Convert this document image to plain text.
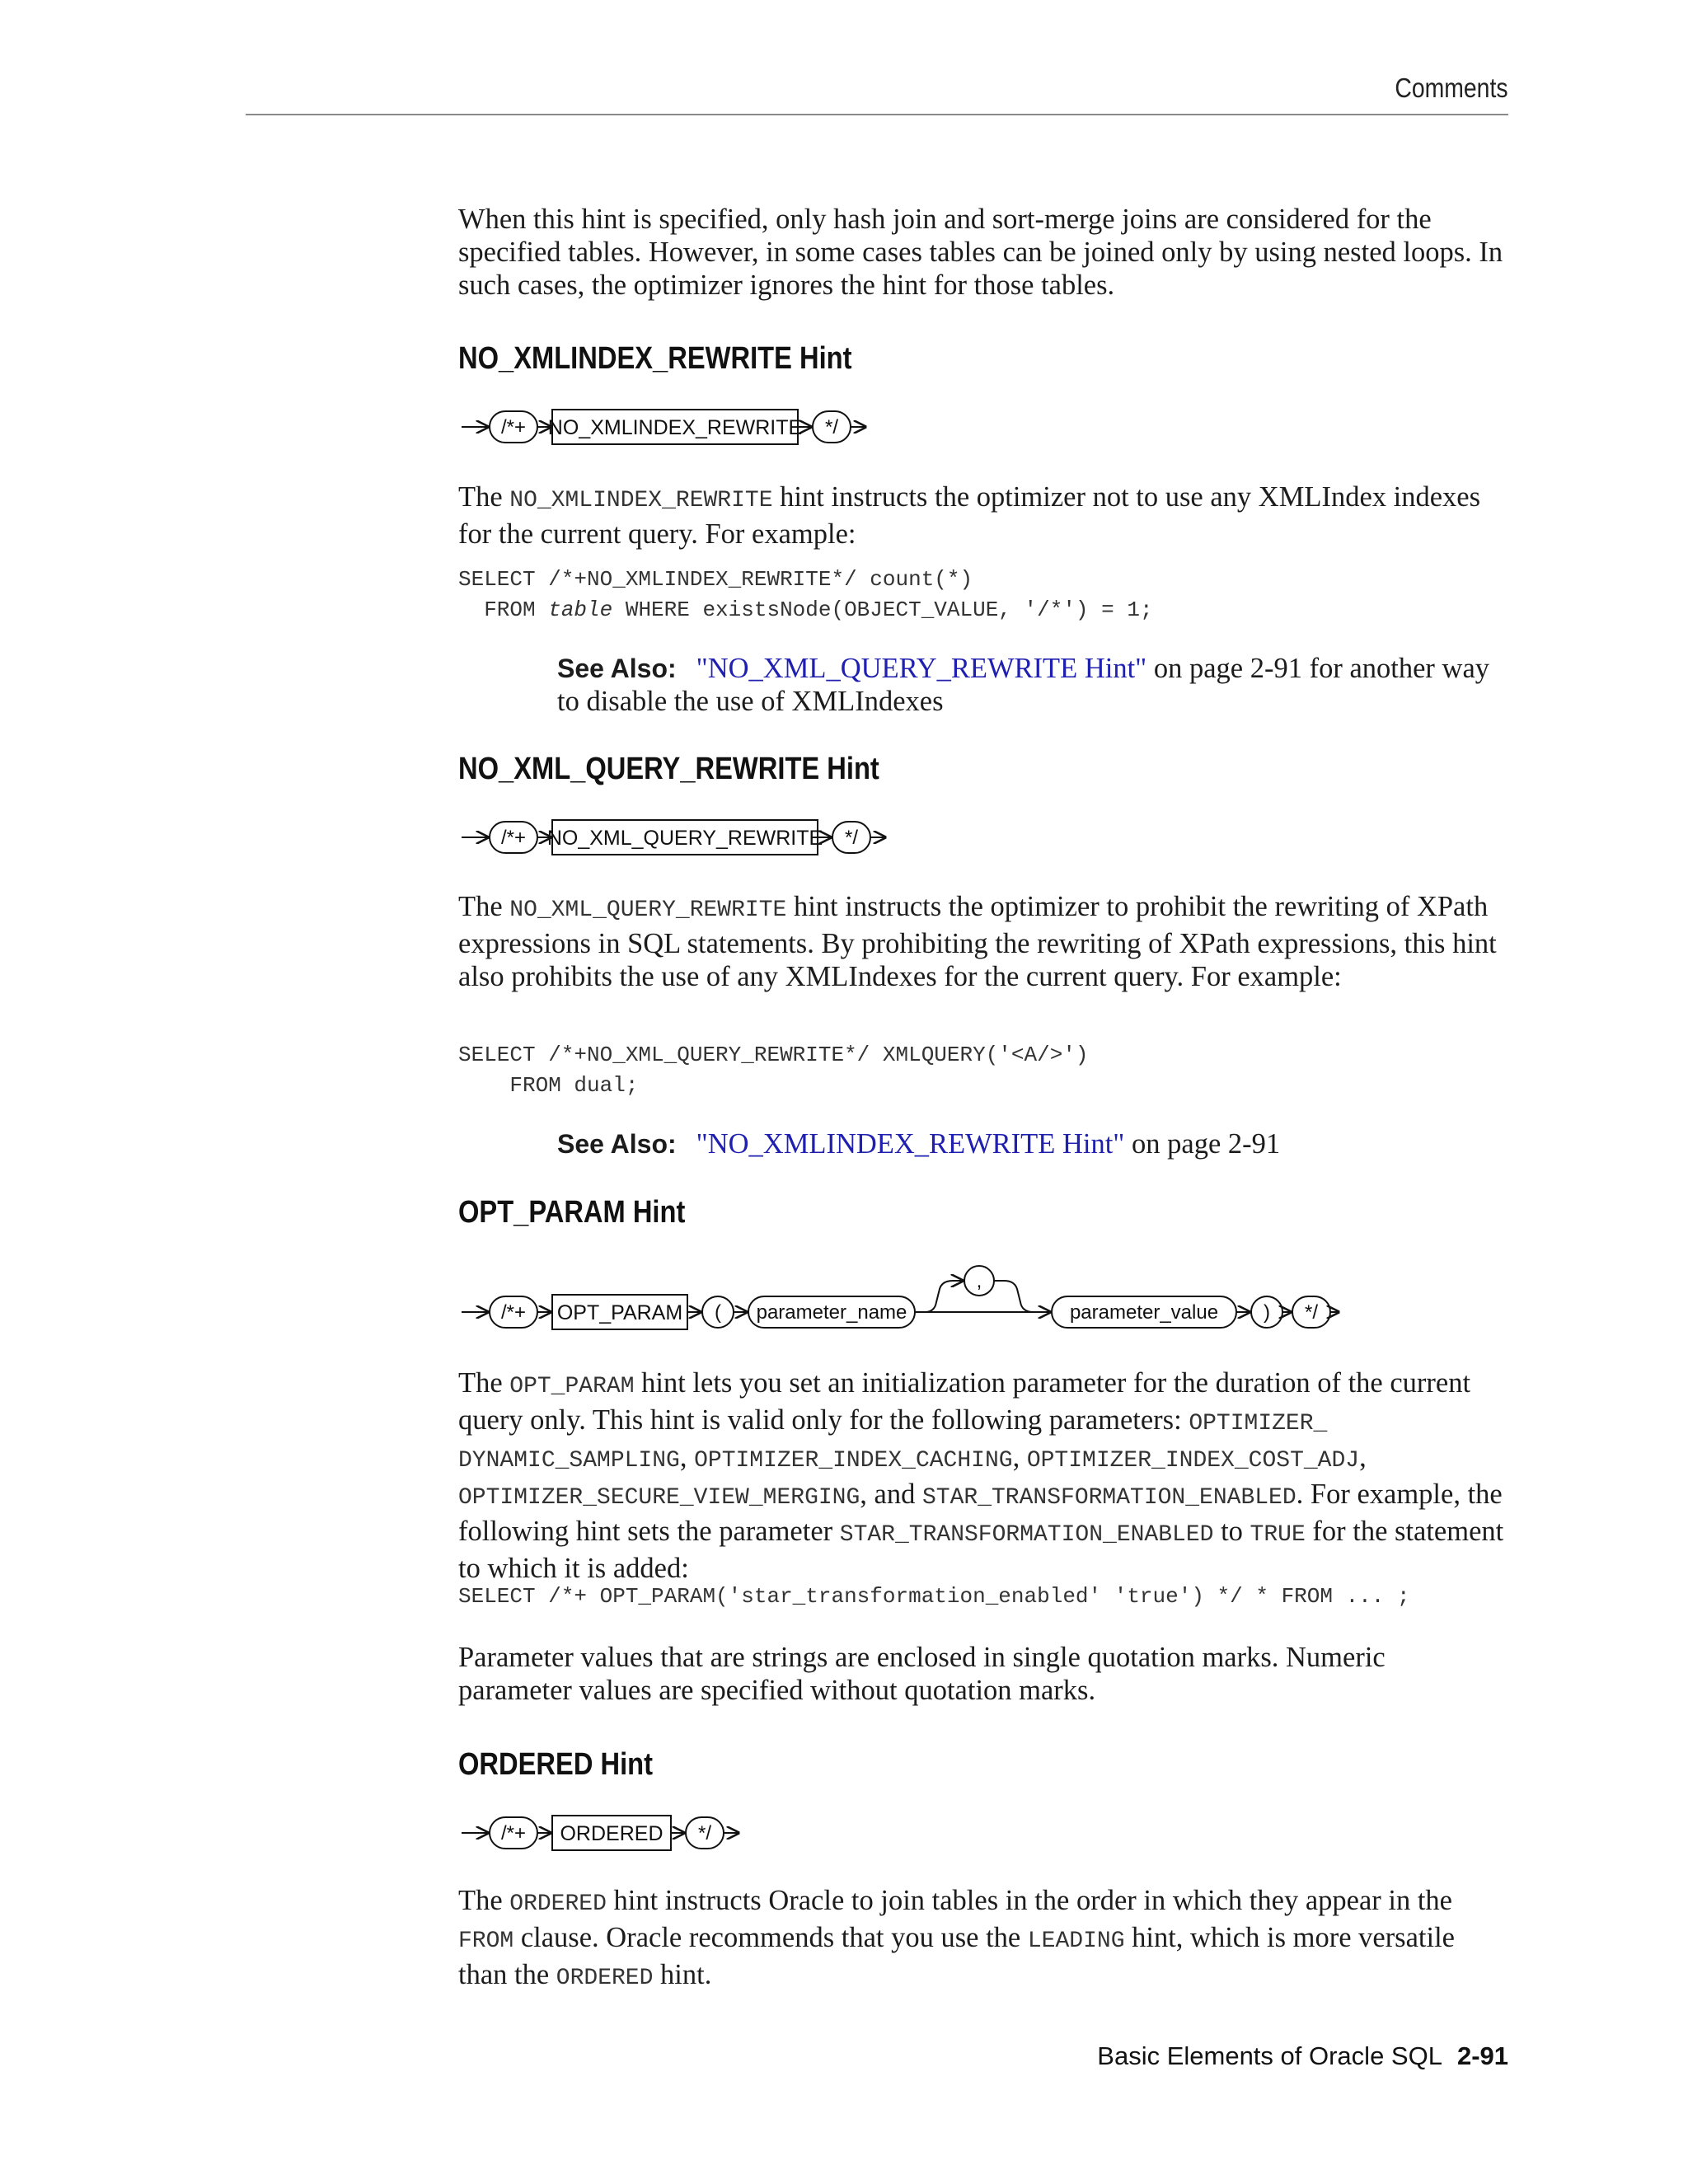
Comments

When this hint is specified, only hash join and sort-merge joins are considered for the specified tables. However, in some cases tables can be joined only by using nested loops. In such cases, the optimizer ignores the hint for those tables.

NO_XMLINDEX_REWRITE Hint
/*+ NO_XMLINDEX_REWRITE */

The NO_XMLINDEX_REWRITE hint instructs the optimizer not to use any XMLIndex indexes for the current query. For example:

SELECT /*+NO_XMLINDEX_REWRITE*/ count(*)
FROM table WHERE existsNode(OBJECT_VALUE, '/*') = 1;

See Also: "NO_XML_QUERY_REWRITE Hint" on page 2-91 for another way to disable the use of XMLIndexes

NO_XML_QUERY_REWRITE Hint
/*+ NO_XML_QUERY_REWRITE */

The NO_XML_QUERY_REWRITE hint instructs the optimizer to prohibit the rewriting of XPath expressions in SQL statements. By prohibiting the rewriting of XPath expressions, this hint also prohibits the use of any XMLIndexes for the current query. For example:

SELECT /*+NO_XML_QUERY_REWRITE*/ XMLQUERY('<A/>')
FROM dual;

See Also: "NO_XMLINDEX_REWRITE Hint" on page 2-91

OPT_PARAM Hint
/*+ OPT_PARAM ( parameter_name
,
parameter_value ) */

The OPT_PARAM hint lets you set an initialization parameter for the duration of the current query only. This hint is valid only for the following parameters: OPTIMIZER_ DYNAMIC_SAMPLING, OPTIMIZER_INDEX_CACHING, OPTIMIZER_INDEX_COST_ADJ, OPTIMIZER_SECURE_VIEW_MERGING, and STAR_TRANSFORMATION_ENABLED. For example, the following hint sets the parameter STAR_TRANSFORMATION_ENABLED to TRUE for the statement to which it is added:

SELECT /*+ OPT_PARAM('star_transformation_enabled' 'true') */ * FROM ... ;

Parameter values that are strings are enclosed in single quotation marks. Numeric parameter values are specified without quotation marks.

ORDERED Hint
/*+ ORDERED */

The ORDERED hint instructs Oracle to join tables in the order in which they appear in the FROM clause. Oracle recommends that you use the LEADING hint, which is more versatile than the ORDERED hint.

Basic Elements of Oracle SQL 2-91
